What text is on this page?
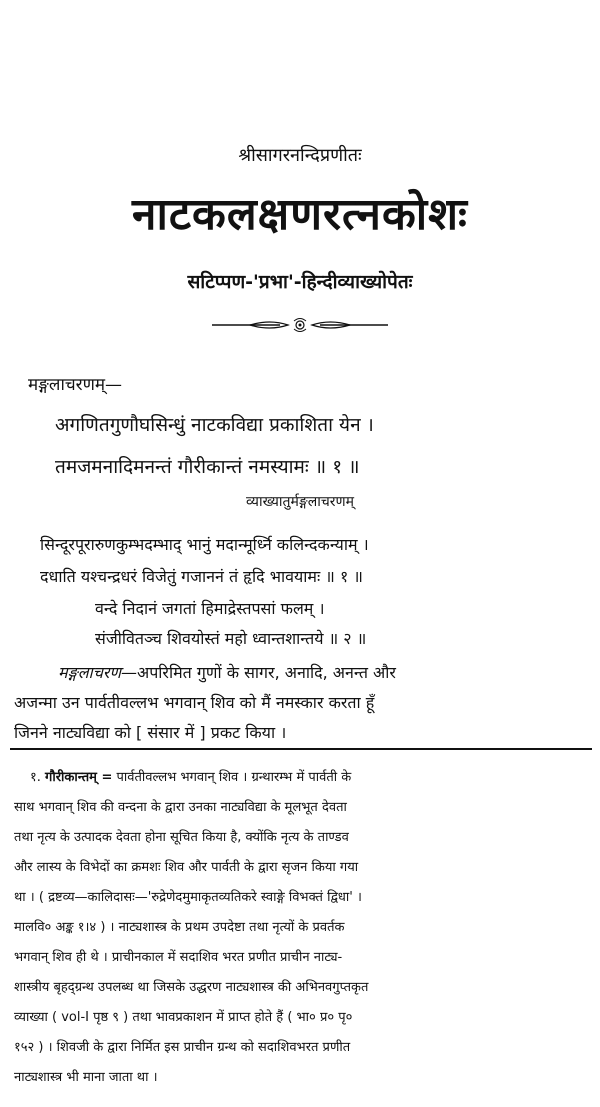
श्रीसागरनन्दिप्रणीतः
नाटकलक्षणरत्नकोशः
सटिप्पण-'प्रभा'-हिन्दीव्याख्योपेतः
मङ्गलाचरणम्—
अगणितगुणौघसिन्धुं नाटकविद्या प्रकाशिता येन ।
तमजमनादिमनन्तं गौरीकान्तं नमस्यामः ॥ १ ॥
व्याख्यातुर्मङ्गलाचरणम्
सिन्दूरपूरारुणकुम्भदम्भाद् भानुं मदान्मूर्ध्नि कलिन्दकन्याम् ।
दधाति यश्चन्द्रधरं विजेतुं गजाननं तं हृदि भावयामः ॥ १ ॥
वन्दे निदानं जगतां हिमाद्रेस्तपसां फलम् ।
संजीवितञ्च शिवयोस्तं महो ध्वान्तशान्तये ॥ २ ॥
मङ्गलाचरण—अपरिमित गुणों के सागर, अनादि, अनन्त और
अजन्मा उन पार्वतीवल्लभ भगवान् शिव को मैं नमस्कार करता हूँ
जिनने नाट्यविद्या को [ संसार में ] प्रकट किया ।
१. गौरीकान्तम् = पार्वतीवल्लभ भगवान् शिव । ग्रन्थारम्भ में पार्वती के
साथ भगवान् शिव की वन्दना के द्वारा उनका नाट्यविद्या के मूलभूत देवता
तथा नृत्य के उत्पादक देवता होना सूचित किया है, क्योंकि नृत्य के ताण्डव
और लास्य के विभेदों का क्रमशः शिव और पार्वती के द्वारा सृजन किया गया
था । ( द्रष्टव्य—कालिदासः—'रुद्रेणेदमुमाकृतव्यतिकरे स्वाङ्गे विभक्तं द्विधा' ।
मालवि० अङ्क १।४ ) । नाट्यशास्त्र के प्रथम उपदेष्टा तथा नृत्यों के प्रवर्तक
भगवान् शिव ही थे । प्राचीनकाल में सदाशिव भरत प्रणीत प्राचीन नाट्य-
शास्त्रीय बृहद्ग्रन्थ उपलब्ध था जिसके उद्धरण नाट्यशास्त्र की अभिनवगुप्तकृत
व्याख्या ( vol-I पृष्ठ ९ ) तथा भावप्रकाशन में प्राप्त होते हैं ( भा० प्र० पृ०
१५२ ) । शिवजी के द्वारा निर्मित इस प्राचीन ग्रन्थ को सदाशिवभरत प्रणीत
नाट्यशास्त्र भी माना जाता था ।
